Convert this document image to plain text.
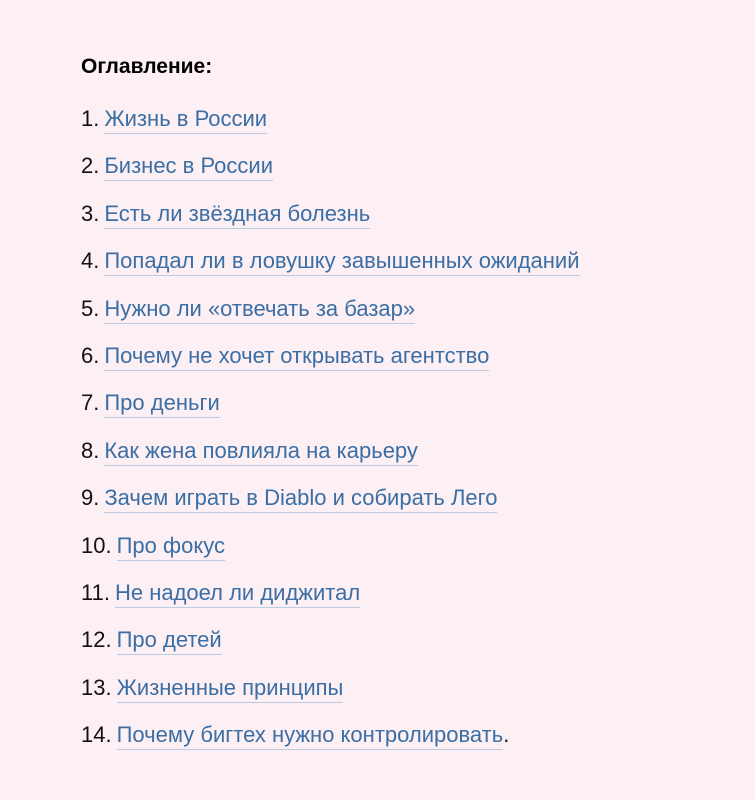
Оглавление:
1. Жизнь в России
2. Бизнес в России
3. Есть ли звёздная болезнь
4. Попадал ли в ловушку завышенных ожиданий
5. Нужно ли «отвечать за базар»
6. Почему не хочет открывать агентство
7. Про деньги
8. Как жена повлияла на карьеру
9. Зачем играть в Diablo и собирать Лего
10. Про фокус
11. Не надоел ли диджитал
12. Про детей
13. Жизненные принципы
14. Почему бигтех нужно контролировать.
